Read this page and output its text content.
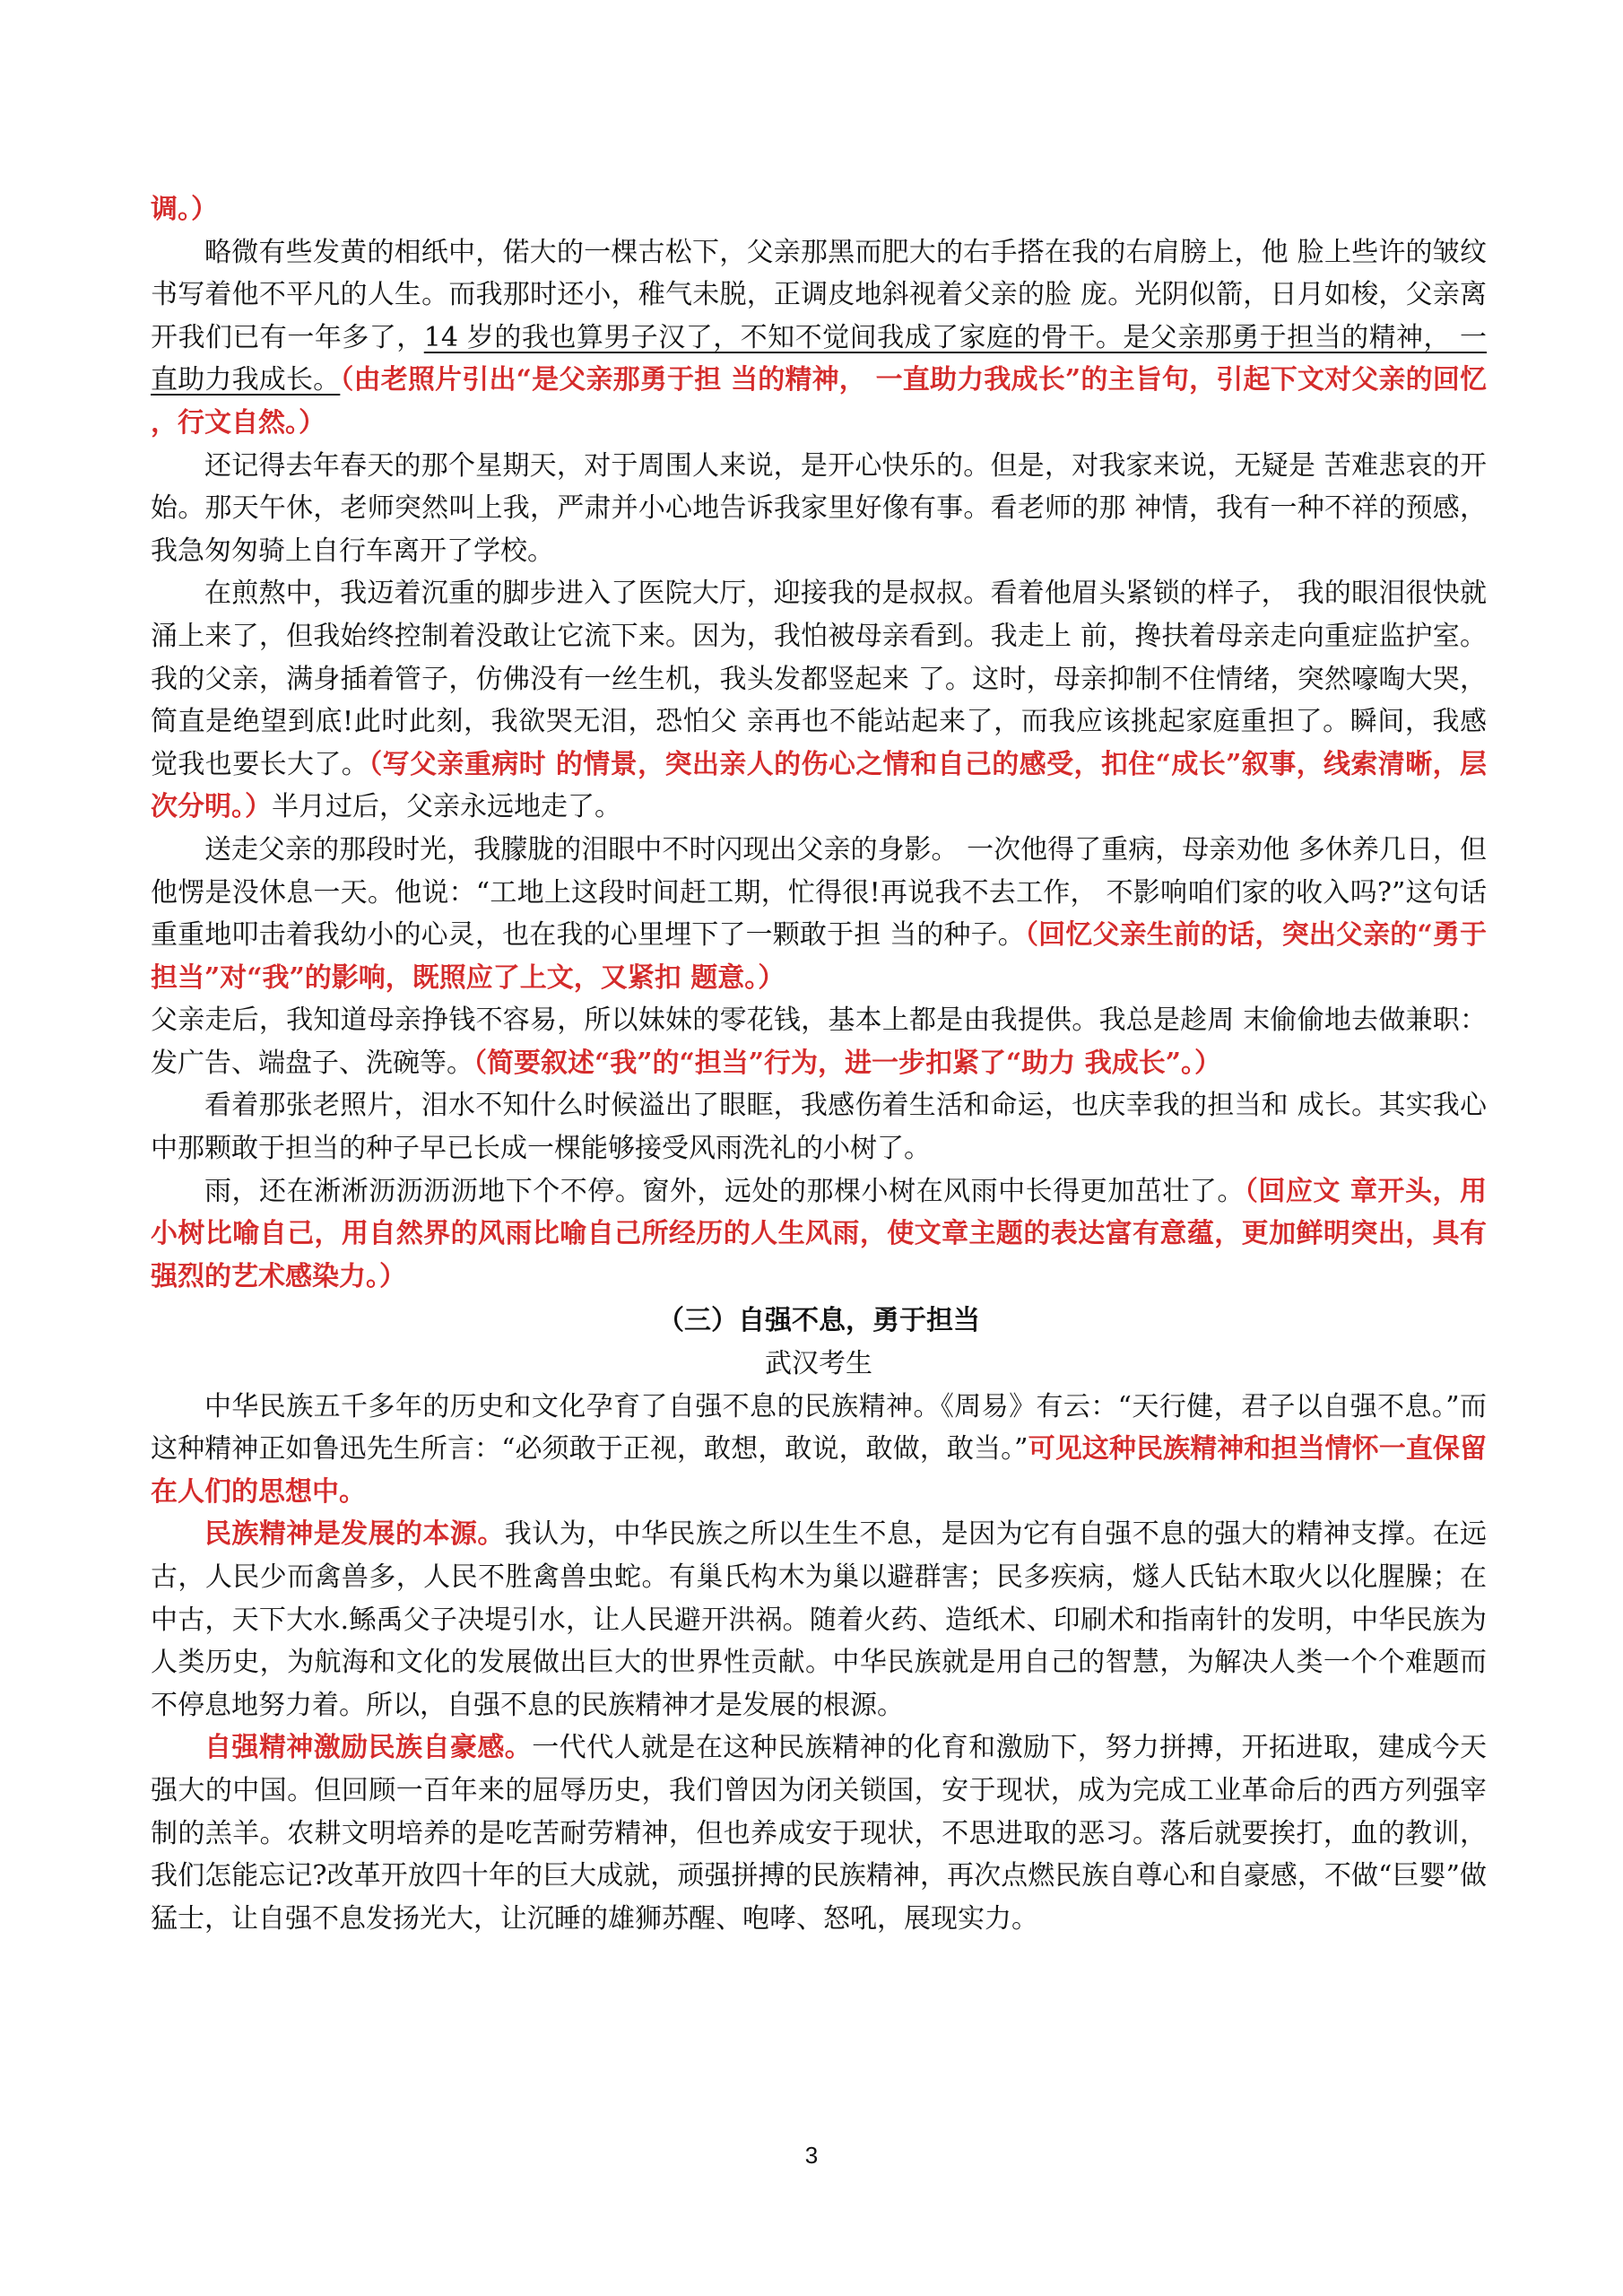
调。）

略微有些发黄的相纸中，偌大的一棵古松下，父亲那黑而肥大的右手搭在我的右肩膀上，他 脸上些许的皱纹书写着他不平凡的人生。而我那时还小，稚气未脱，正调皮地斜视着父亲的脸 庞。光阴似箭，日月如梭，父亲离开我们已有一年多了，14 岁的我也算男子汉了，不知不觉间我成了家庭的骨干。是父亲那勇于担当的精神， 一直助力我成长。（由老照片引出“是父亲那勇于担 当的精神， 一直助力我成长”的主旨句，引起下文对父亲的回忆，行文自然。）

还记得去年春天的那个星期天，对于周围人来说，是开心快乐的。但是，对我家来说，无疑是 苦难悲哀的开始。那天午休，老师突然叫上我，严肃并小心地告诉我家里好像有事。看老师的那 神情，我有一种不祥的预感，我急匆匆骑上自行车离开了学校。

在煎熬中，我迈着沉重的脚步进入了医院大厅，迎接我的是叔叔。看着他眉头紧锁的样子， 我的眼泪很快就涌上来了，但我始终控制着没敢让它流下来。因为，我怕被母亲看到。我走上 前，搀扶着母亲走向重症监护室。我的父亲，满身插着管子，仿佛没有一丝生机，我头发都竖起来 了。这时，母亲抑制不住情绪，突然嚎啕大哭，简直是绝望到底!此时此刻，我欲哭无泪，恐怕父 亲再也不能站起来了，而我应该挑起家庭重担了。瞬间，我感觉我也要长大了。（写父亲重病时 的情景，突出亲人的伤心之情和自己的感受，扣住“成长”叙事，线索清晰，层次分明。）半月过后，父亲永远地走了。

送走父亲的那段时光，我朦胧的泪眼中不时闪现出父亲的身影。 一次他得了重病，母亲劝他 多休养几日，但他愣是没休息一天。他说：“工地上这段时间赶工期，忙得很!再说我不去工作， 不影响咱们家的收入吗?”这句话重重地叩击着我幼小的心灵，也在我的心里埋下了一颗敢于担 当的种子。（回忆父亲生前的话，突出父亲的“勇于担当”对“我”的影响，既照应了上文，又紧扣 题意。）

父亲走后，我知道母亲挣钱不容易，所以妹妹的零花钱，基本上都是由我提供。我总是趁周 末偷偷地去做兼职：发广告、端盘子、洗碗等。（简要叙述“我”的“担当”行为，进一步扣紧了“助力 我成长”。）

看着那张老照片，泪水不知什么时候溢出了眼眶，我感伤着生活和命运，也庆幸我的担当和 成长。其实我心中那颗敢于担当的种子早已长成一棵能够接受风雨洗礼的小树了。

雨，还在淅淅沥沥沥沥地下个不停。窗外，远处的那棵小树在风雨中长得更加茁壮了。（回应文 章开头，用小树比喻自己，用自然界的风雨比喻自己所经历的人生风雨，使文章主题的表达富有意蕴，更加鲜明突出，具有强烈的艺术感染力。）

（三）自强不息，勇于担当

武汉考生

中华民族五千多年的历史和文化孕育了自强不息的民族精神。《周易》有云：“天行健，君子以自强不息。”而这种精神正如鲁迅先生所言：“必须敢于正视，敢想，敢说，敢做，敢当。”可见这种民族精神和担当情怀一直保留在人们的思想中。

民族精神是发展的本源。我认为，中华民族之所以生生不息，是因为它有自强不息的强大的精神支撑。在远古，人民少而禽兽多，人民不胜禽兽虫蛇。有巢氏构木为巢以避群害；民多疾病，燧人氏钻木取火以化腥臊；在中古，天下大水.鲧禹父子决堤引水，让人民避开洪祸。随着火药、造纸术、印刷术和指南针的发明，中华民族为人类历史，为航海和文化的发展做出巨大的世界性贡献。中华民族就是用自己的智慧，为解决人类一个个难题而不停息地努力着。所以，自强不息的民族精神才是发展的根源。

自强精神激励民族自豪感。一代代人就是在这种民族精神的化育和激励下，努力拼搏，开拓进取，建成今天强大的中国。但回顾一百年来的屈辱历史，我们曾因为闭关锁国，安于现状，成为完成工业革命后的西方列强宰制的羔羊。农耕文明培养的是吃苦耐劳精神，但也养成安于现状，不思进取的恶习。落后就要挨打，血的教训，我们怎能忘记?改革开放四十年的巨大成就，顽强拼搏的民族精神，再次点燃民族自尊心和自豪感，不做“巨婴”做猛士，让自强不息发扬光大，让沉睡的雄狮苏醒、咆哮、怒吼，展现实力。

3
